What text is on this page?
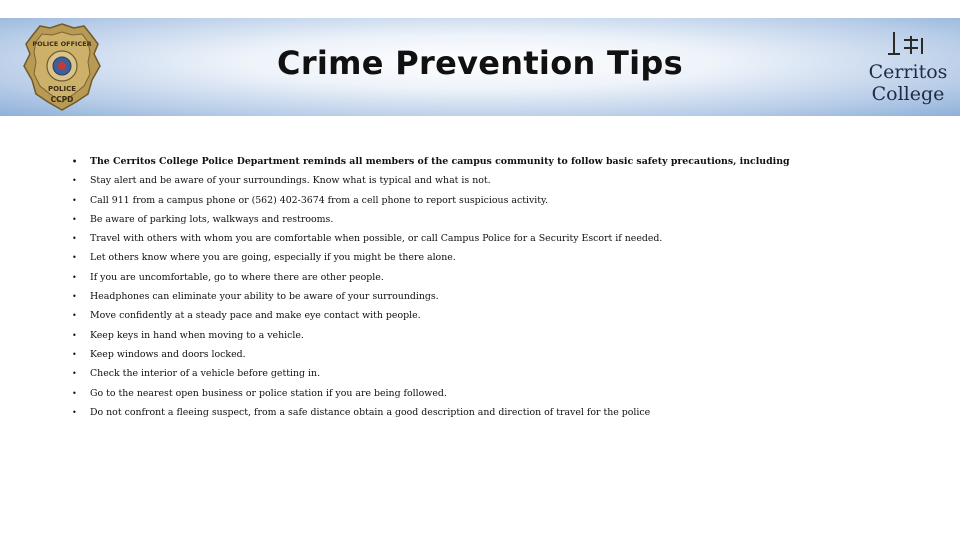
POLICE OFFICER
POLICE
CCPD
Crime Prevention Tips	Cerritos
College
• The Cerritos College Police Department reminds all members of the campus community to follow basic safety precautions, including
• Stay alert and be aware of your surroundings. Know what is typical and what is not.
• Call 911 from a campus phone or (562) 402-3674 from a cell phone to report suspicious activity.
• Be aware of parking lots, walkways and restrooms.
• Travel with others with whom you are comfortable when possible, or call Campus Police for a Security Escort if needed.
• Let others know where you are going, especially if you might be there alone.
• If you are uncomfortable, go to where there are other people.
• Headphones can eliminate your ability to be aware of your surroundings.
• Move confidently at a steady pace and make eye contact with people.
• Keep keys in hand when moving to a vehicle.
• Keep windows and doors locked.
• Check the interior of a vehicle before getting in.
• Go to the nearest open business or police station if you are being followed.
• Do not confront a fleeing suspect, from a safe distance obtain a good description and direction of travel for the police
